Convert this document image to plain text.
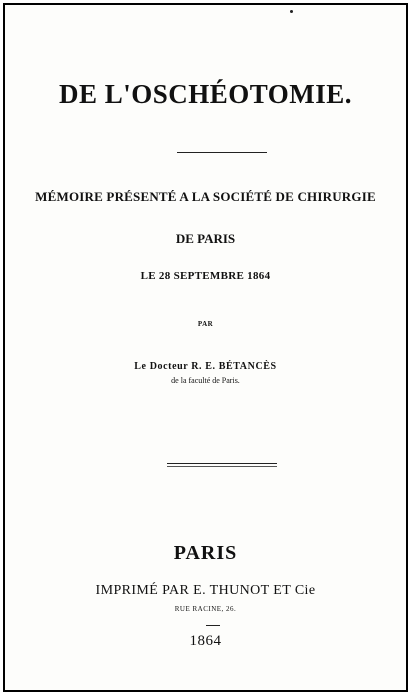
DE L'OSCHÉOTOMIE.
MÉMOIRE PRÉSENTÉ A LA SOCIÉTÉ DE CHIRURGIE
DE PARIS
LE 28 SEPTEMBRE 1864
PAR
Le Docteur R. E. BÉTANCÈS
de la faculté de Paris.
PARIS
IMPRIMÉ PAR E. THUNOT ET Cie
RUE RACINE, 26.
1864
